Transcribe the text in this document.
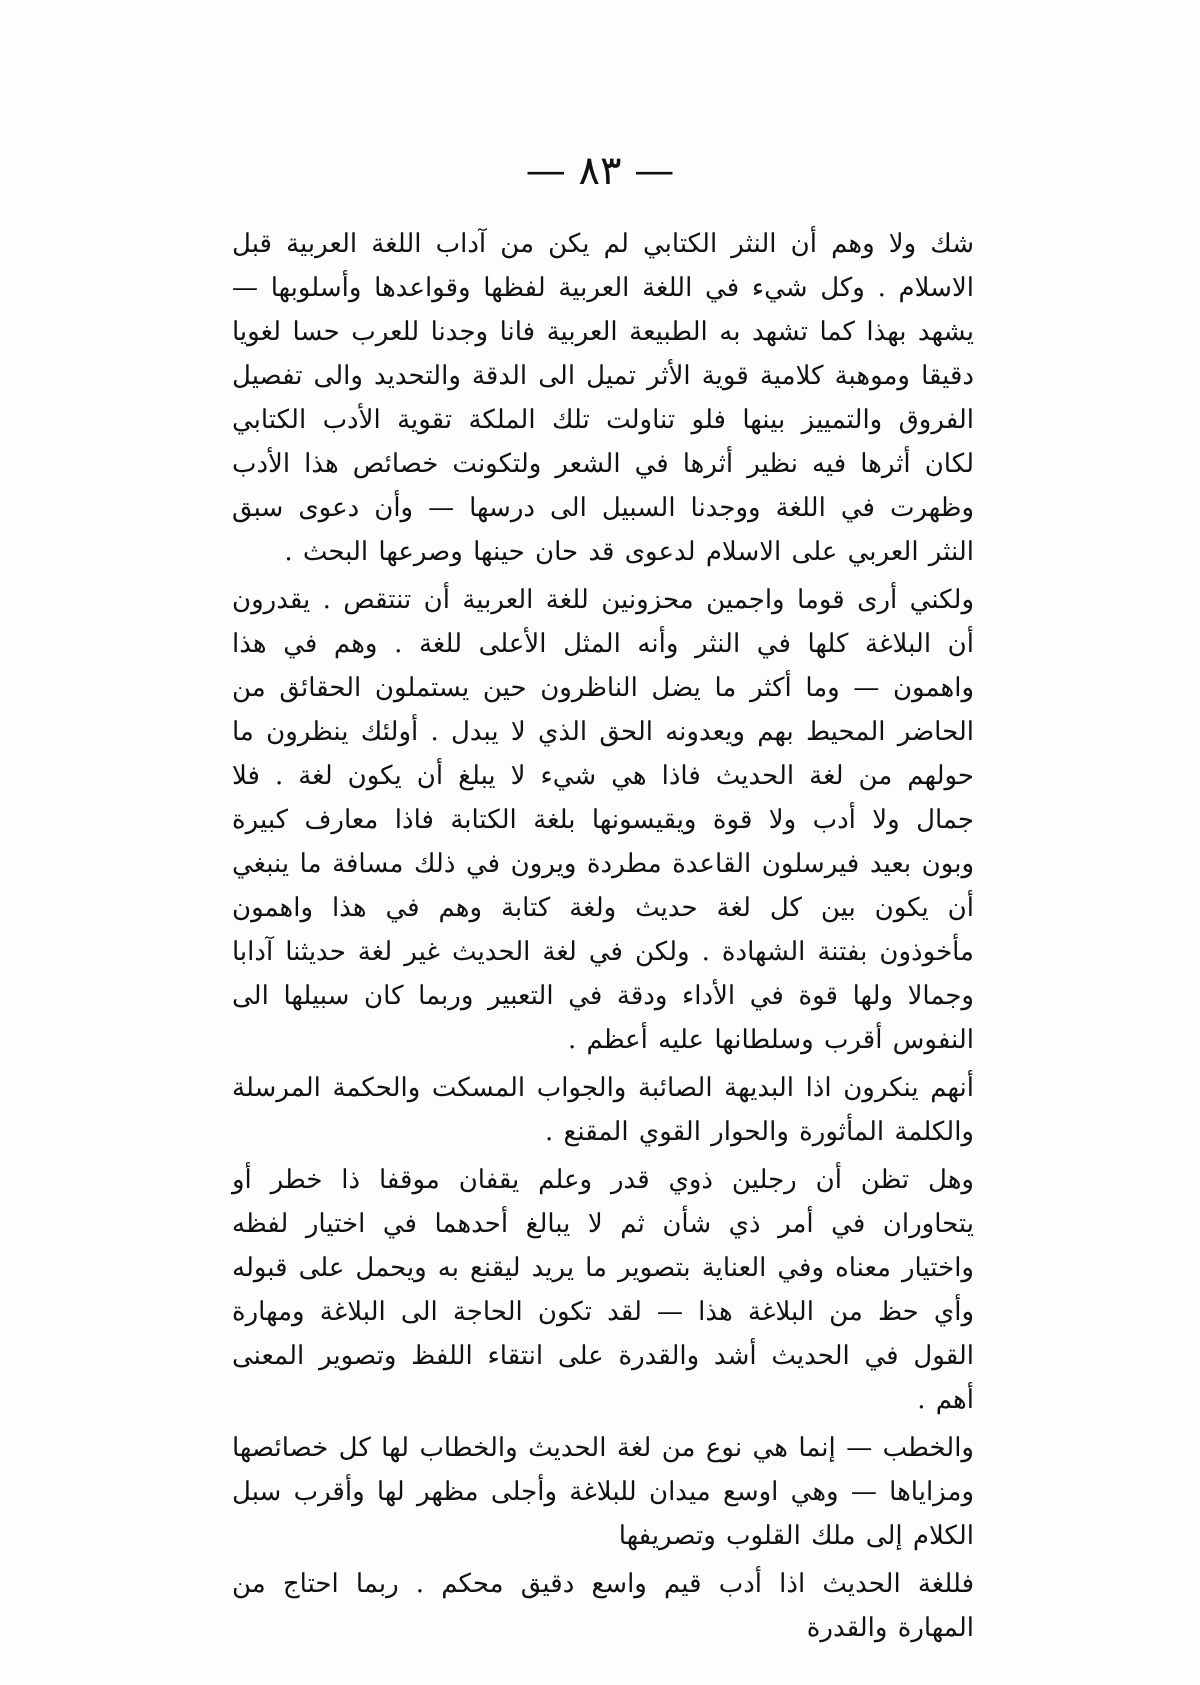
— ٨٣ —

شك ولا وهم أن النثر الكتابي لم يكن من آداب اللغة العربية قبل الاسلام . وكل شيء في اللغة العربية لفظها وقواعدها وأسلوبها — يشهد بهذا كما تشهد به الطبيعة العربية فانا وجدنا للعرب حسا لغويا دقيقا وموهبة كلامية قوية الأثر تميل الى الدقة والتحديد والى تفصيل الفروق والتمييز بينها فلو تناولت تلك الملكة تقوية الأدب الكتابي لكان أثرها فيه نظير أثرها في الشعر ولتكونت خصائص هذا الأدب وظهرت في اللغة ووجدنا السبيل الى درسها — وأن دعوى سبق النثر العربي على الاسلام لدعوى قد حان حينها وصرعها البحث .

ولكني أرى قوما واجمين محزونين للغة العربية أن تنتقص . يقدرون أن البلاغة كلها في النثر وأنه المثل الأعلى للغة . وهم في هذا واهمون — وما أكثر ما يضل الناظرون حين يستملون الحقائق من الحاضر المحيط بهم ويعدونه الحق الذي لا يبدل . أولئك ينظرون ما حولهم من لغة الحديث فاذا هي شيء لا يبلغ أن يكون لغة . فلا جمال ولا أدب ولا قوة ويقيسونها بلغة الكتابة فاذا معارف كبيرة وبون بعيد فيرسلون القاعدة مطردة ويرون في ذلك مسافة ما ينبغي أن يكون بين كل لغة حديث ولغة كتابة وهم في هذا واهمون مأخوذون بفتنة الشهادة . ولكن في لغة الحديث غير لغة حديثنا آدابا وجمالا ولها قوة في الأداء ودقة في التعبير وربما كان سبيلها الى النفوس أقرب وسلطانها عليه أعظم .

أنهم ينكرون اذا البديهة الصائبة والجواب المسكت والحكمة المرسلة والكلمة المأثورة والحوار القوي المقنع .

وهل تظن أن رجلين ذوي قدر وعلم يقفان موقفا ذا خطر أو يتحاوران في أمر ذي شأن ثم لا يبالغ أحدهما في اختيار لفظه واختيار معناه وفي العناية بتصوير ما يريد ليقنع به ويحمل على قبوله وأي حظ من البلاغة هذا — لقد تكون الحاجة الى البلاغة ومهارة القول في الحديث أشد والقدرة على انتقاء اللفظ وتصوير المعنى أهم .

والخطب — إنما هي نوع من لغة الحديث والخطاب لها كل خصائصها ومزاياها — وهي اوسع ميدان للبلاغة وأجلى مظهر لها وأقرب سبل الكلام إلى ملك القلوب وتصريفها

فللغة الحديث اذا أدب قيم واسع دقيق محكم . ربما احتاج من المهارة والقدرة
